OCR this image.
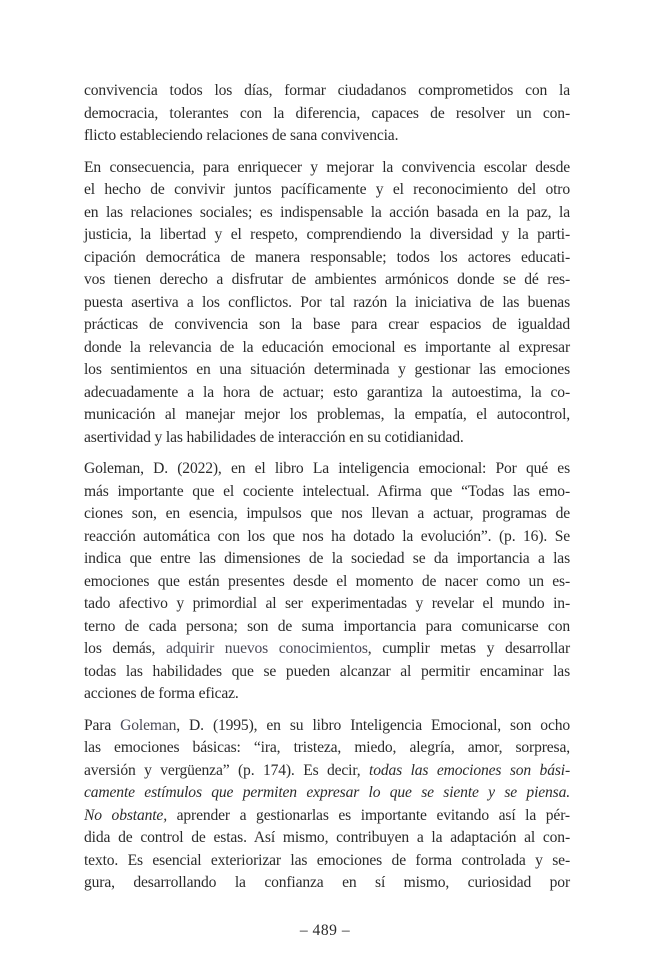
convivencia todos los días, formar ciudadanos comprometidos con la
democracia, tolerantes con la diferencia, capaces de resolver un con-
flicto estableciendo relaciones de sana convivencia.
En consecuencia, para enriquecer y mejorar la convivencia escolar desde
el hecho de convivir juntos pacíficamente y el reconocimiento del otro
en las relaciones sociales; es indispensable la acción basada en la paz, la
justicia, la libertad y el respeto, comprendiendo la diversidad y la parti-
cipación democrática de manera responsable; todos los actores educati-
vos tienen derecho a disfrutar de ambientes armónicos donde se dé res-
puesta asertiva a los conflictos. Por tal razón la iniciativa de las buenas
prácticas de convivencia son la base para crear espacios de igualdad
donde la relevancia de la educación emocional es importante al expresar
los sentimientos en una situación determinada y gestionar las emociones
adecuadamente a la hora de actuar; esto garantiza la autoestima, la co-
municación al manejar mejor los problemas, la empatía, el autocontrol,
asertividad y las habilidades de interacción en su cotidianidad.
Goleman, D. (2022), en el libro La inteligencia emocional: Por qué es
más importante que el cociente intelectual. Afirma que “Todas las emo-
ciones son, en esencia, impulsos que nos llevan a actuar, programas de
reacción automática con los que nos ha dotado la evolución”. (p. 16). Se
indica que entre las dimensiones de la sociedad se da importancia a las
emociones que están presentes desde el momento de nacer como un es-
tado afectivo y primordial al ser experimentadas y revelar el mundo in-
terno de cada persona; son de suma importancia para comunicarse con
los demás, adquirir nuevos conocimientos, cumplir metas y desarrollar
todas las habilidades que se pueden alcanzar al permitir encaminar las
acciones de forma eficaz.
Para Goleman, D. (1995), en su libro Inteligencia Emocional, son ocho
las emociones básicas: “ira, tristeza, miedo, alegría, amor, sorpresa,
aversión y vergüenza” (p. 174). Es decir, todas las emociones son bási-
camente estímulos que permiten expresar lo que se siente y se piensa.
No obstante, aprender a gestionarlas es importante evitando así la pér-
dida de control de estas. Así mismo, contribuyen a la adaptación al con-
texto. Es esencial exteriorizar las emociones de forma controlada y se-
gura, desarrollando la confianza en sí mismo, curiosidad por
– 489 –
